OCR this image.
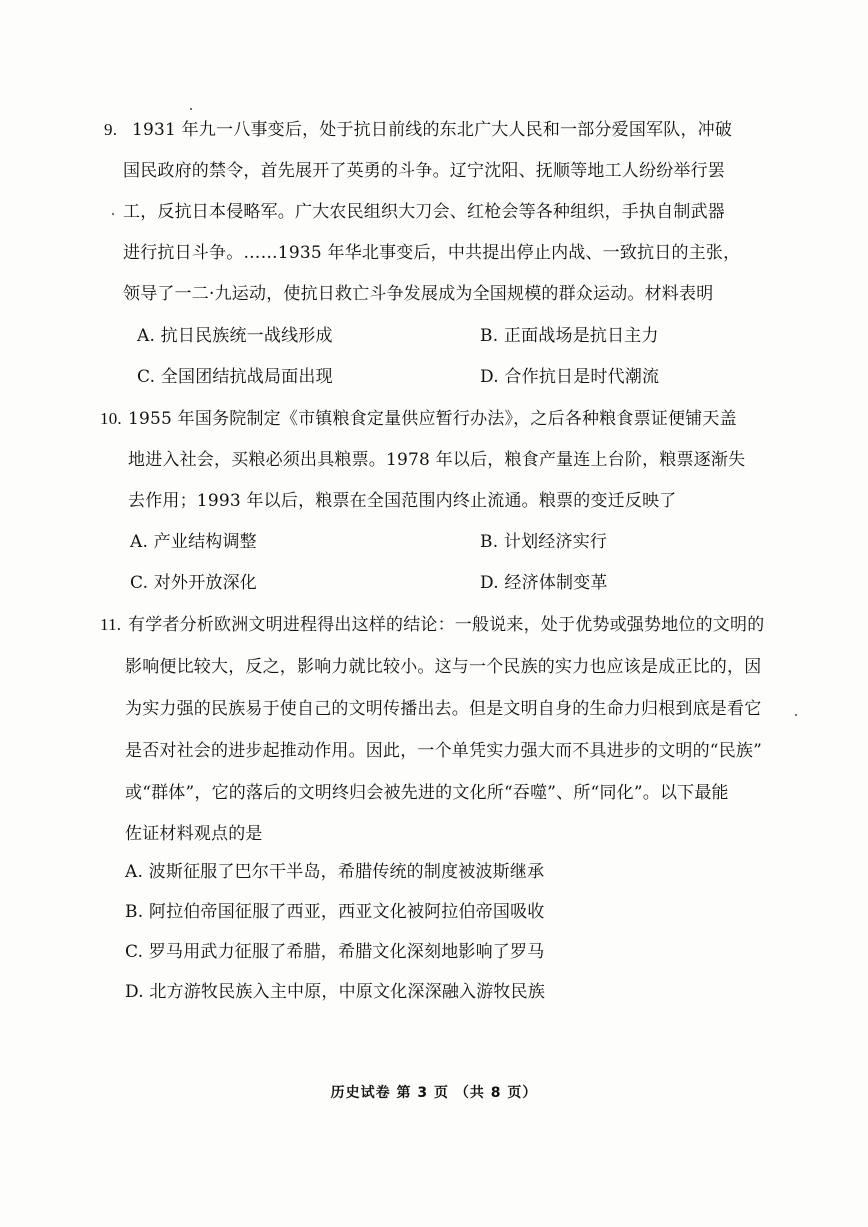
9. 1931 年九一八事变后，处于抗日前线的东北广大人民和一部分爱国军队，冲破
国民政府的禁令，首先展开了英勇的斗争。辽宁沈阳、抚顺等地工人纷纷举行罢
工，反抗日本侵略军。广大农民组织大刀会、红枪会等各种组织，手执自制武器
进行抗日斗争。……1935 年华北事变后，中共提出停止内战、一致抗日的主张，
领导了一二·九运动，使抗日救亡斗争发展成为全国规模的群众运动。材料表明
A. 抗日民族统一战线形成	B. 正面战场是抗日主力
C. 全国团结抗战局面出现	D. 合作抗日是时代潮流
10. 1955 年国务院制定《市镇粮食定量供应暂行办法》，之后各种粮食票证便铺天盖
地进入社会，买粮必须出具粮票。1978 年以后，粮食产量连上台阶，粮票逐渐失
去作用；1993 年以后，粮票在全国范围内终止流通。粮票的变迁反映了
A. 产业结构调整	B. 计划经济实行
C. 对外开放深化	D. 经济体制变革
11. 有学者分析欧洲文明进程得出这样的结论：一般说来，处于优势或强势地位的文明的
影响便比较大，反之，影响力就比较小。这与一个民族的实力也应该是成正比的，因
为实力强的民族易于使自己的文明传播出去。但是文明自身的生命力归根到底是看它
是否对社会的进步起推动作用。因此，一个单凭实力强大而不具进步的文明的“民族”
或“群体”，它的落后的文明终归会被先进的文化所“吞噬”、所“同化”。以下最能
佐证材料观点的是
A. 波斯征服了巴尔干半岛，希腊传统的制度被波斯继承
B. 阿拉伯帝国征服了西亚，西亚文化被阿拉伯帝国吸收
C. 罗马用武力征服了希腊，希腊文化深刻地影响了罗马
D. 北方游牧民族入主中原，中原文化深深融入游牧民族
历史试卷 第 3 页 （共 8 页）
